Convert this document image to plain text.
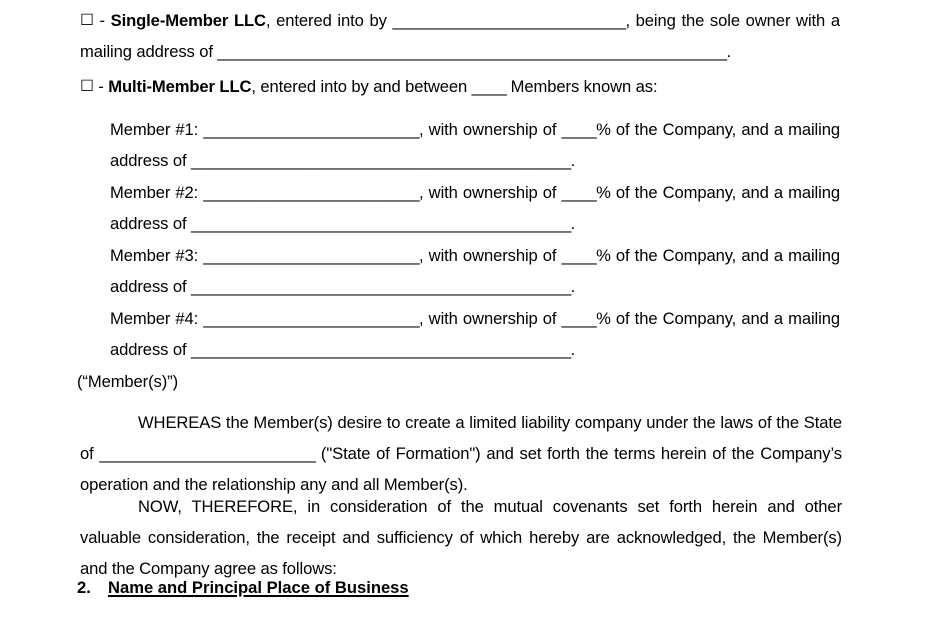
☐ - Single-Member LLC, entered into by ___________________________, being the sole owner with a mailing address of ___________________________________________________________.
☐ - Multi-Member LLC, entered into by and between ____ Members known as:
Member #1: _________________________, with ownership of ____% of the Company, and a mailing address of ____________________________________________.
Member #2: _________________________, with ownership of ____% of the Company, and a mailing address of ____________________________________________.
Member #3: _________________________, with ownership of ____% of the Company, and a mailing address of ____________________________________________.
Member #4: _________________________, with ownership of ____% of the Company, and a mailing address of ____________________________________________.
(“Member(s)”)
WHEREAS the Member(s) desire to create a limited liability company under the laws of the State of _________________________ ("State of Formation") and set forth the terms herein of the Company’s operation and the relationship any and all Member(s).
NOW, THEREFORE, in consideration of the mutual covenants set forth herein and other valuable consideration, the receipt and sufficiency of which hereby are acknowledged, the Member(s) and the Company agree as follows:
2. Name and Principal Place of Business
